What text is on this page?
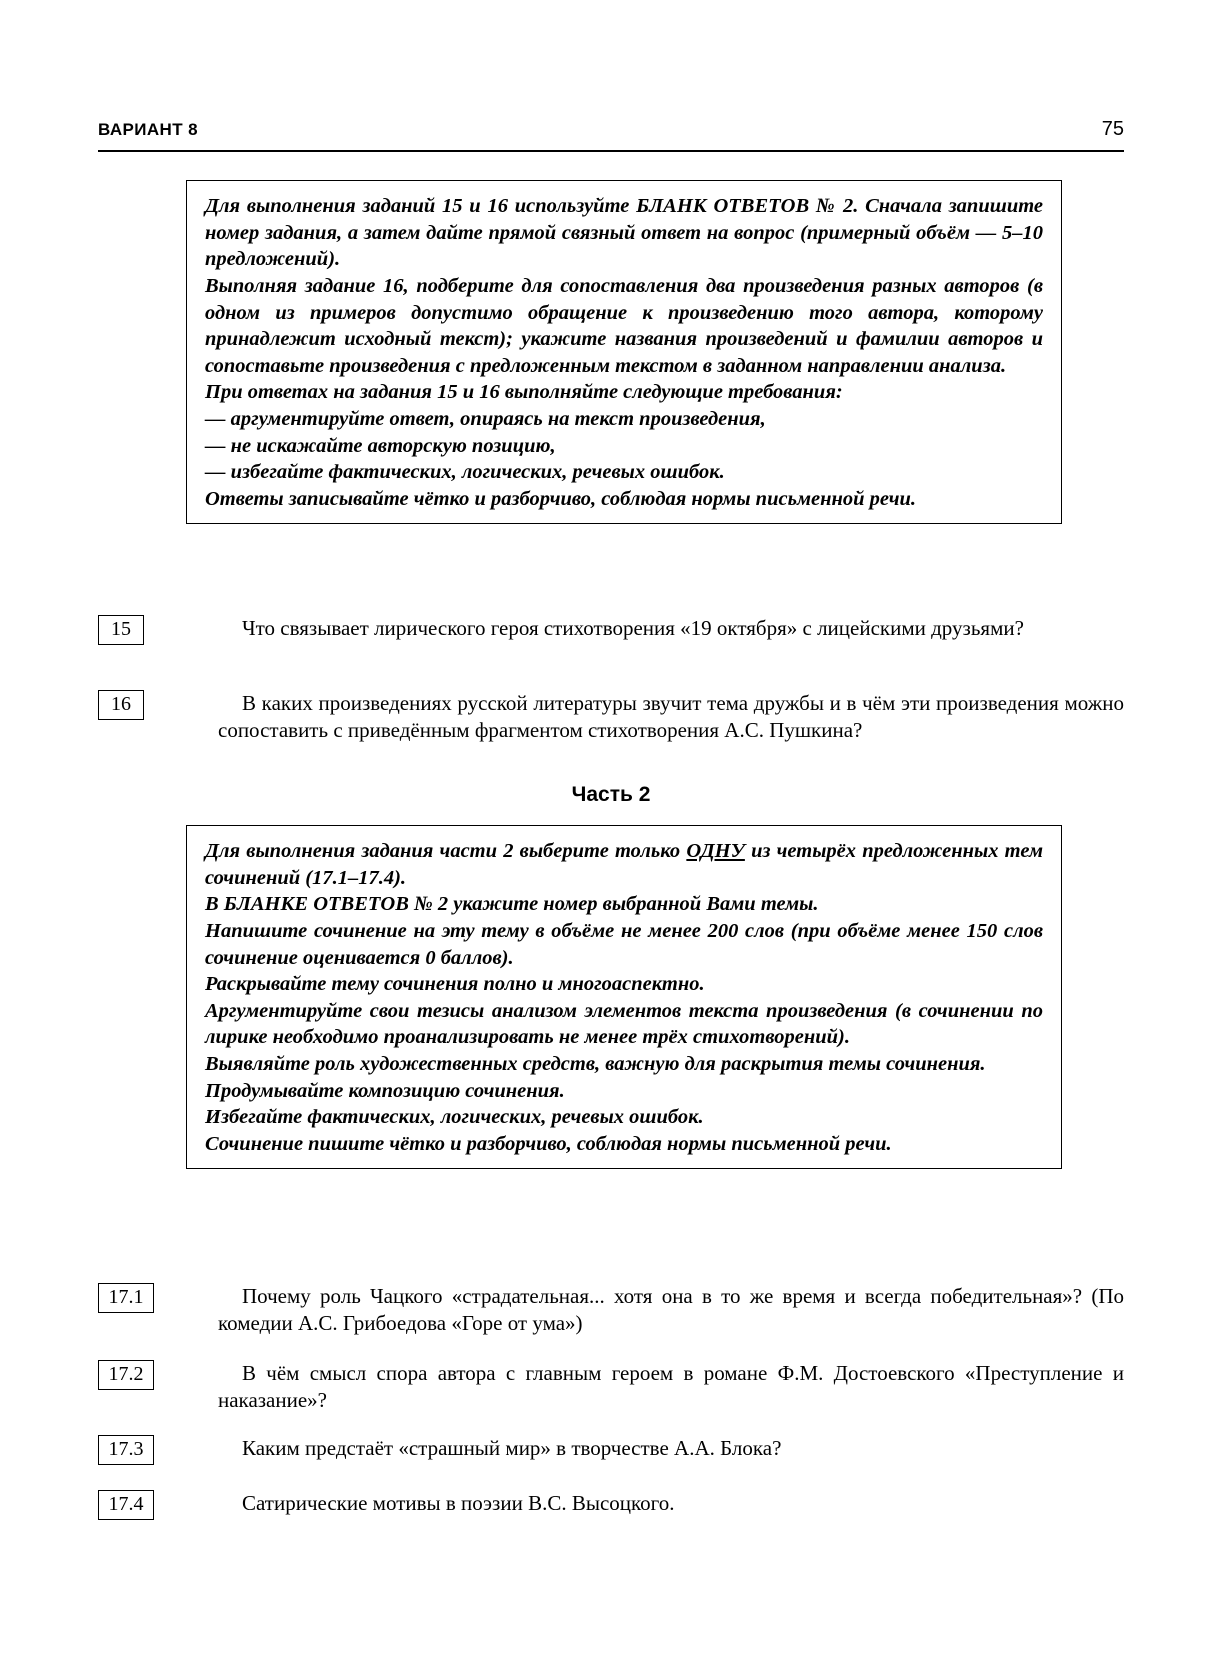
ВАРИАНТ 8	75

Для выполнения заданий 15 и 16 используйте БЛАНК ОТВЕТОВ № 2. Сначала запишите номер задания, а затем дайте прямой связный ответ на вопрос (примерный объём — 5–10 предложений).

Выполняя задание 16, подберите для сопоставления два произведения разных авторов (в одном из примеров допустимо обращение к произведению того автора, которому принадлежит исходный текст); укажите названия произведений и фамилии авторов и сопоставьте произведения с предложенным текстом в заданном направлении анализа.

При ответах на задания 15 и 16 выполняйте следующие требования:

— аргументируйте ответ, опираясь на текст произведения,

— не искажайте авторскую позицию,

— избегайте фактических, логических, речевых ошибок.

Ответы записывайте чётко и разборчиво, соблюдая нормы письменной речи.

15	Что связывает лирического героя стихотворения «19 октября» с лицейскими друзьями?
16	В каких произведениях русской литературы звучит тема дружбы и в чём эти произведения можно сопоставить с приведённым фрагментом стихотворения А.С. Пушкина?
Часть 2

Для выполнения задания части 2 выберите только ОДНУ из четырёх предложенных тем сочинений (17.1–17.4).

В БЛАНКЕ ОТВЕТОВ № 2 укажите номер выбранной Вами темы.

Напишите сочинение на эту тему в объёме не менее 200 слов (при объёме менее 150 слов сочинение оценивается 0 баллов).

Раскрывайте тему сочинения полно и многоаспектно.

Аргументируйте свои тезисы анализом элементов текста произведения (в сочинении по лирике необходимо проанализировать не менее трёх стихотворений).

Выявляйте роль художественных средств, важную для раскрытия темы сочинения.

Продумывайте композицию сочинения.

Избегайте фактических, логических, речевых ошибок.

Сочинение пишите чётко и разборчиво, соблюдая нормы письменной речи.

17.1	Почему роль Чацкого «страдательная... хотя она в то же время и всегда победительная»? (По комедии А.С. Грибоедова «Горе от ума»)
17.2	В чём смысл спора автора с главным героем в романе Ф.М. Достоевского «Преступление и наказание»?
17.3	Каким предстаёт «страшный мир» в творчестве А.А. Блока?
17.4	Сатирические мотивы в поэзии В.С. Высоцкого.
